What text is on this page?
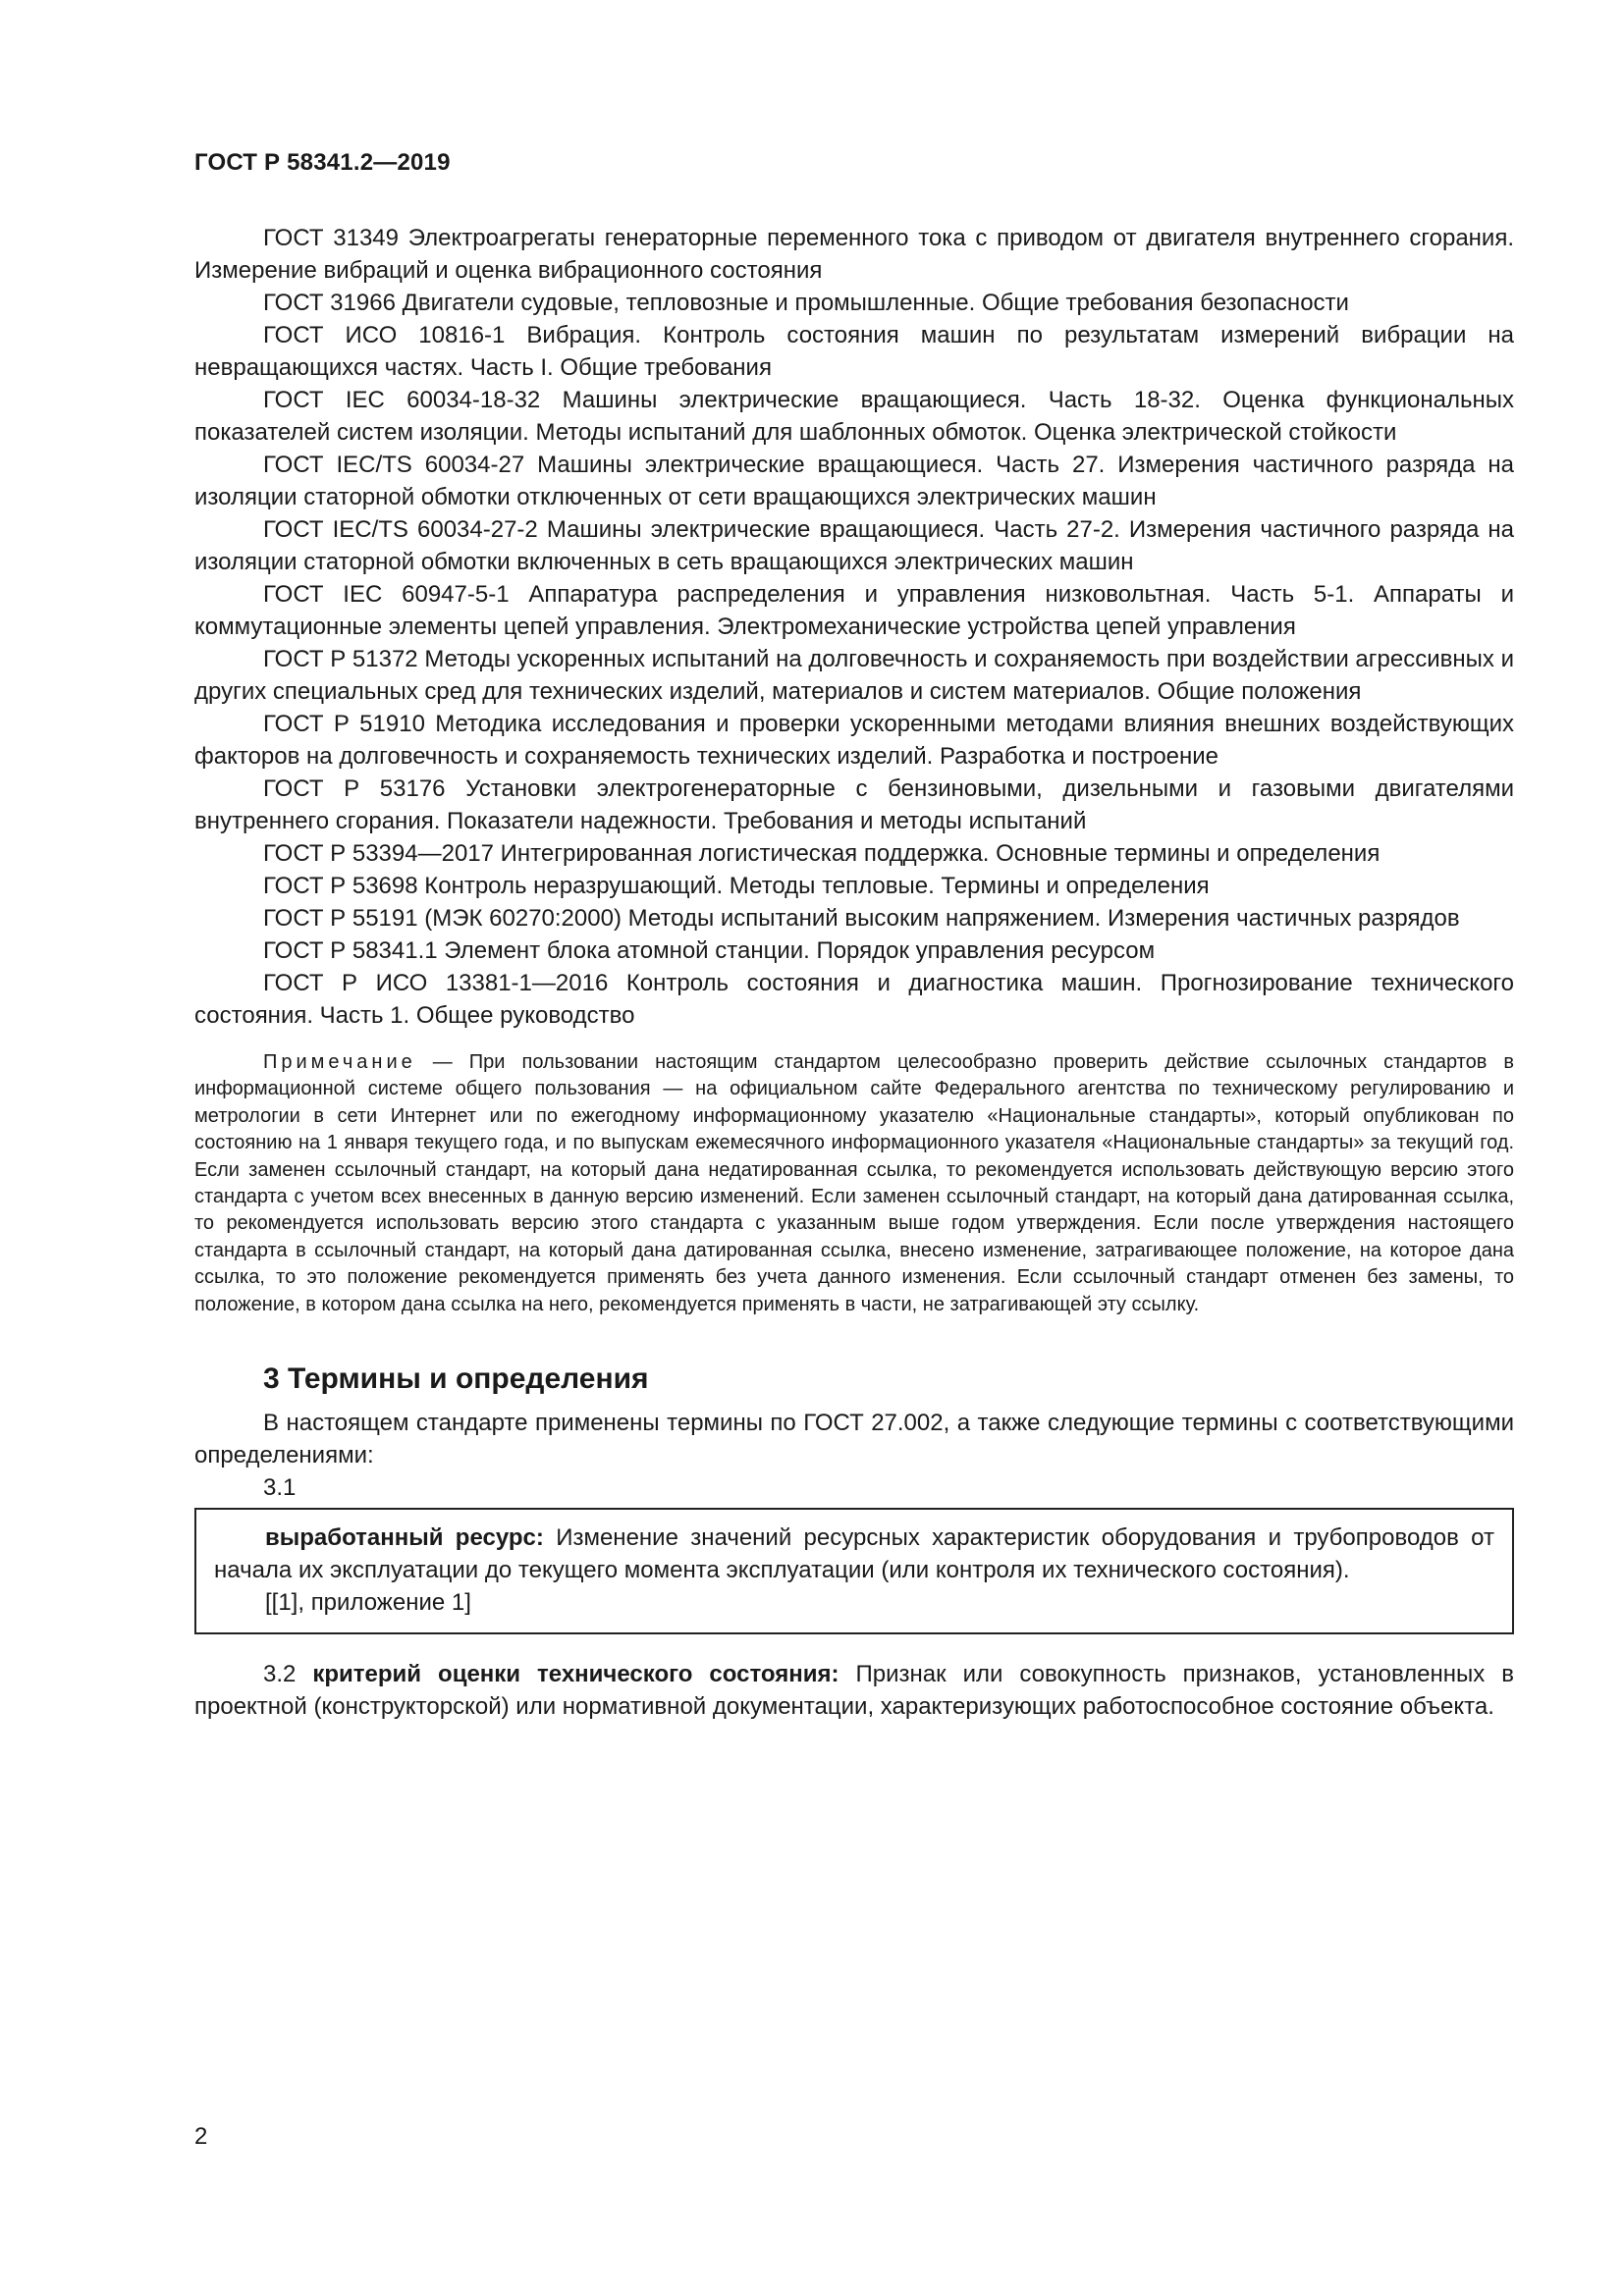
ГОСТ Р 58341.2—2019

ГОСТ 31349 Электроагрегаты генераторные переменного тока с приводом от двигателя внутреннего сгорания. Измерение вибраций и оценка вибрационного состояния

ГОСТ 31966 Двигатели судовые, тепловозные и промышленные. Общие требования безопасности

ГОСТ ИСО 10816-1 Вибрация. Контроль состояния машин по результатам измерений вибрации на невращающихся частях. Часть I. Общие требования

ГОСТ IEC 60034-18-32 Машины электрические вращающиеся. Часть 18-32. Оценка функциональных показателей систем изоляции. Методы испытаний для шаблонных обмоток. Оценка электрической стойкости

ГОСТ IEC/TS 60034-27 Машины электрические вращающиеся. Часть 27. Измерения частичного разряда на изоляции статорной обмотки отключенных от сети вращающихся электрических машин

ГОСТ IEC/TS 60034-27-2 Машины электрические вращающиеся. Часть 27-2. Измерения частичного разряда на изоляции статорной обмотки включенных в сеть вращающихся электрических машин

ГОСТ IEC 60947-5-1 Аппаратура распределения и управления низковольтная. Часть 5-1. Аппараты и коммутационные элементы цепей управления. Электромеханические устройства цепей управления

ГОСТ Р 51372 Методы ускоренных испытаний на долговечность и сохраняемость при воздействии агрессивных и других специальных сред для технических изделий, материалов и систем материалов. Общие положения

ГОСТ Р 51910 Методика исследования и проверки ускоренными методами влияния внешних воздействующих факторов на долговечность и сохраняемость технических изделий. Разработка и построение

ГОСТ Р 53176 Установки электрогенераторные с бензиновыми, дизельными и газовыми двигателями внутреннего сгорания. Показатели надежности. Требования и методы испытаний

ГОСТ Р 53394—2017 Интегрированная логистическая поддержка. Основные термины и определения

ГОСТ Р 53698 Контроль неразрушающий. Методы тепловые. Термины и определения

ГОСТ Р 55191 (МЭК 60270:2000) Методы испытаний высоким напряжением. Измерения частичных разрядов

ГОСТ Р 58341.1 Элемент блока атомной станции. Порядок управления ресурсом

ГОСТ Р ИСО 13381-1—2016 Контроль состояния и диагностика машин. Прогнозирование технического состояния. Часть 1. Общее руководство

Примечание — При пользовании настоящим стандартом целесообразно проверить действие ссылочных стандартов в информационной системе общего пользования — на официальном сайте Федерального агентства по техническому регулированию и метрологии в сети Интернет или по ежегодному информационному указателю «Национальные стандарты», который опубликован по состоянию на 1 января текущего года, и по выпускам ежемесячного информационного указателя «Национальные стандарты» за текущий год. Если заменен ссылочный стандарт, на который дана недатированная ссылка, то рекомендуется использовать действующую версию этого стандарта с учетом всех внесенных в данную версию изменений. Если заменен ссылочный стандарт, на который дана датированная ссылка, то рекомендуется использовать версию этого стандарта с указанным выше годом утверждения. Если после утверждения настоящего стандарта в ссылочный стандарт, на который дана датированная ссылка, внесено изменение, затрагивающее положение, на которое дана ссылка, то это положение рекомендуется применять без учета данного изменения. Если ссылочный стандарт отменен без замены, то положение, в котором дана ссылка на него, рекомендуется применять в части, не затрагивающей эту ссылку.

3 Термины и определения

В настоящем стандарте применены термины по ГОСТ 27.002, а также следующие термины с соответствующими определениями:

3.1

выработанный ресурс: Изменение значений ресурсных характеристик оборудования и трубопроводов от начала их эксплуатации до текущего момента эксплуатации (или контроля их технического состояния).

[[1], приложение 1]

3.2 критерий оценки технического состояния: Признак или совокупность признаков, установленных в проектной (конструкторской) или нормативной документации, характеризующих работоспособное состояние объекта.

2
